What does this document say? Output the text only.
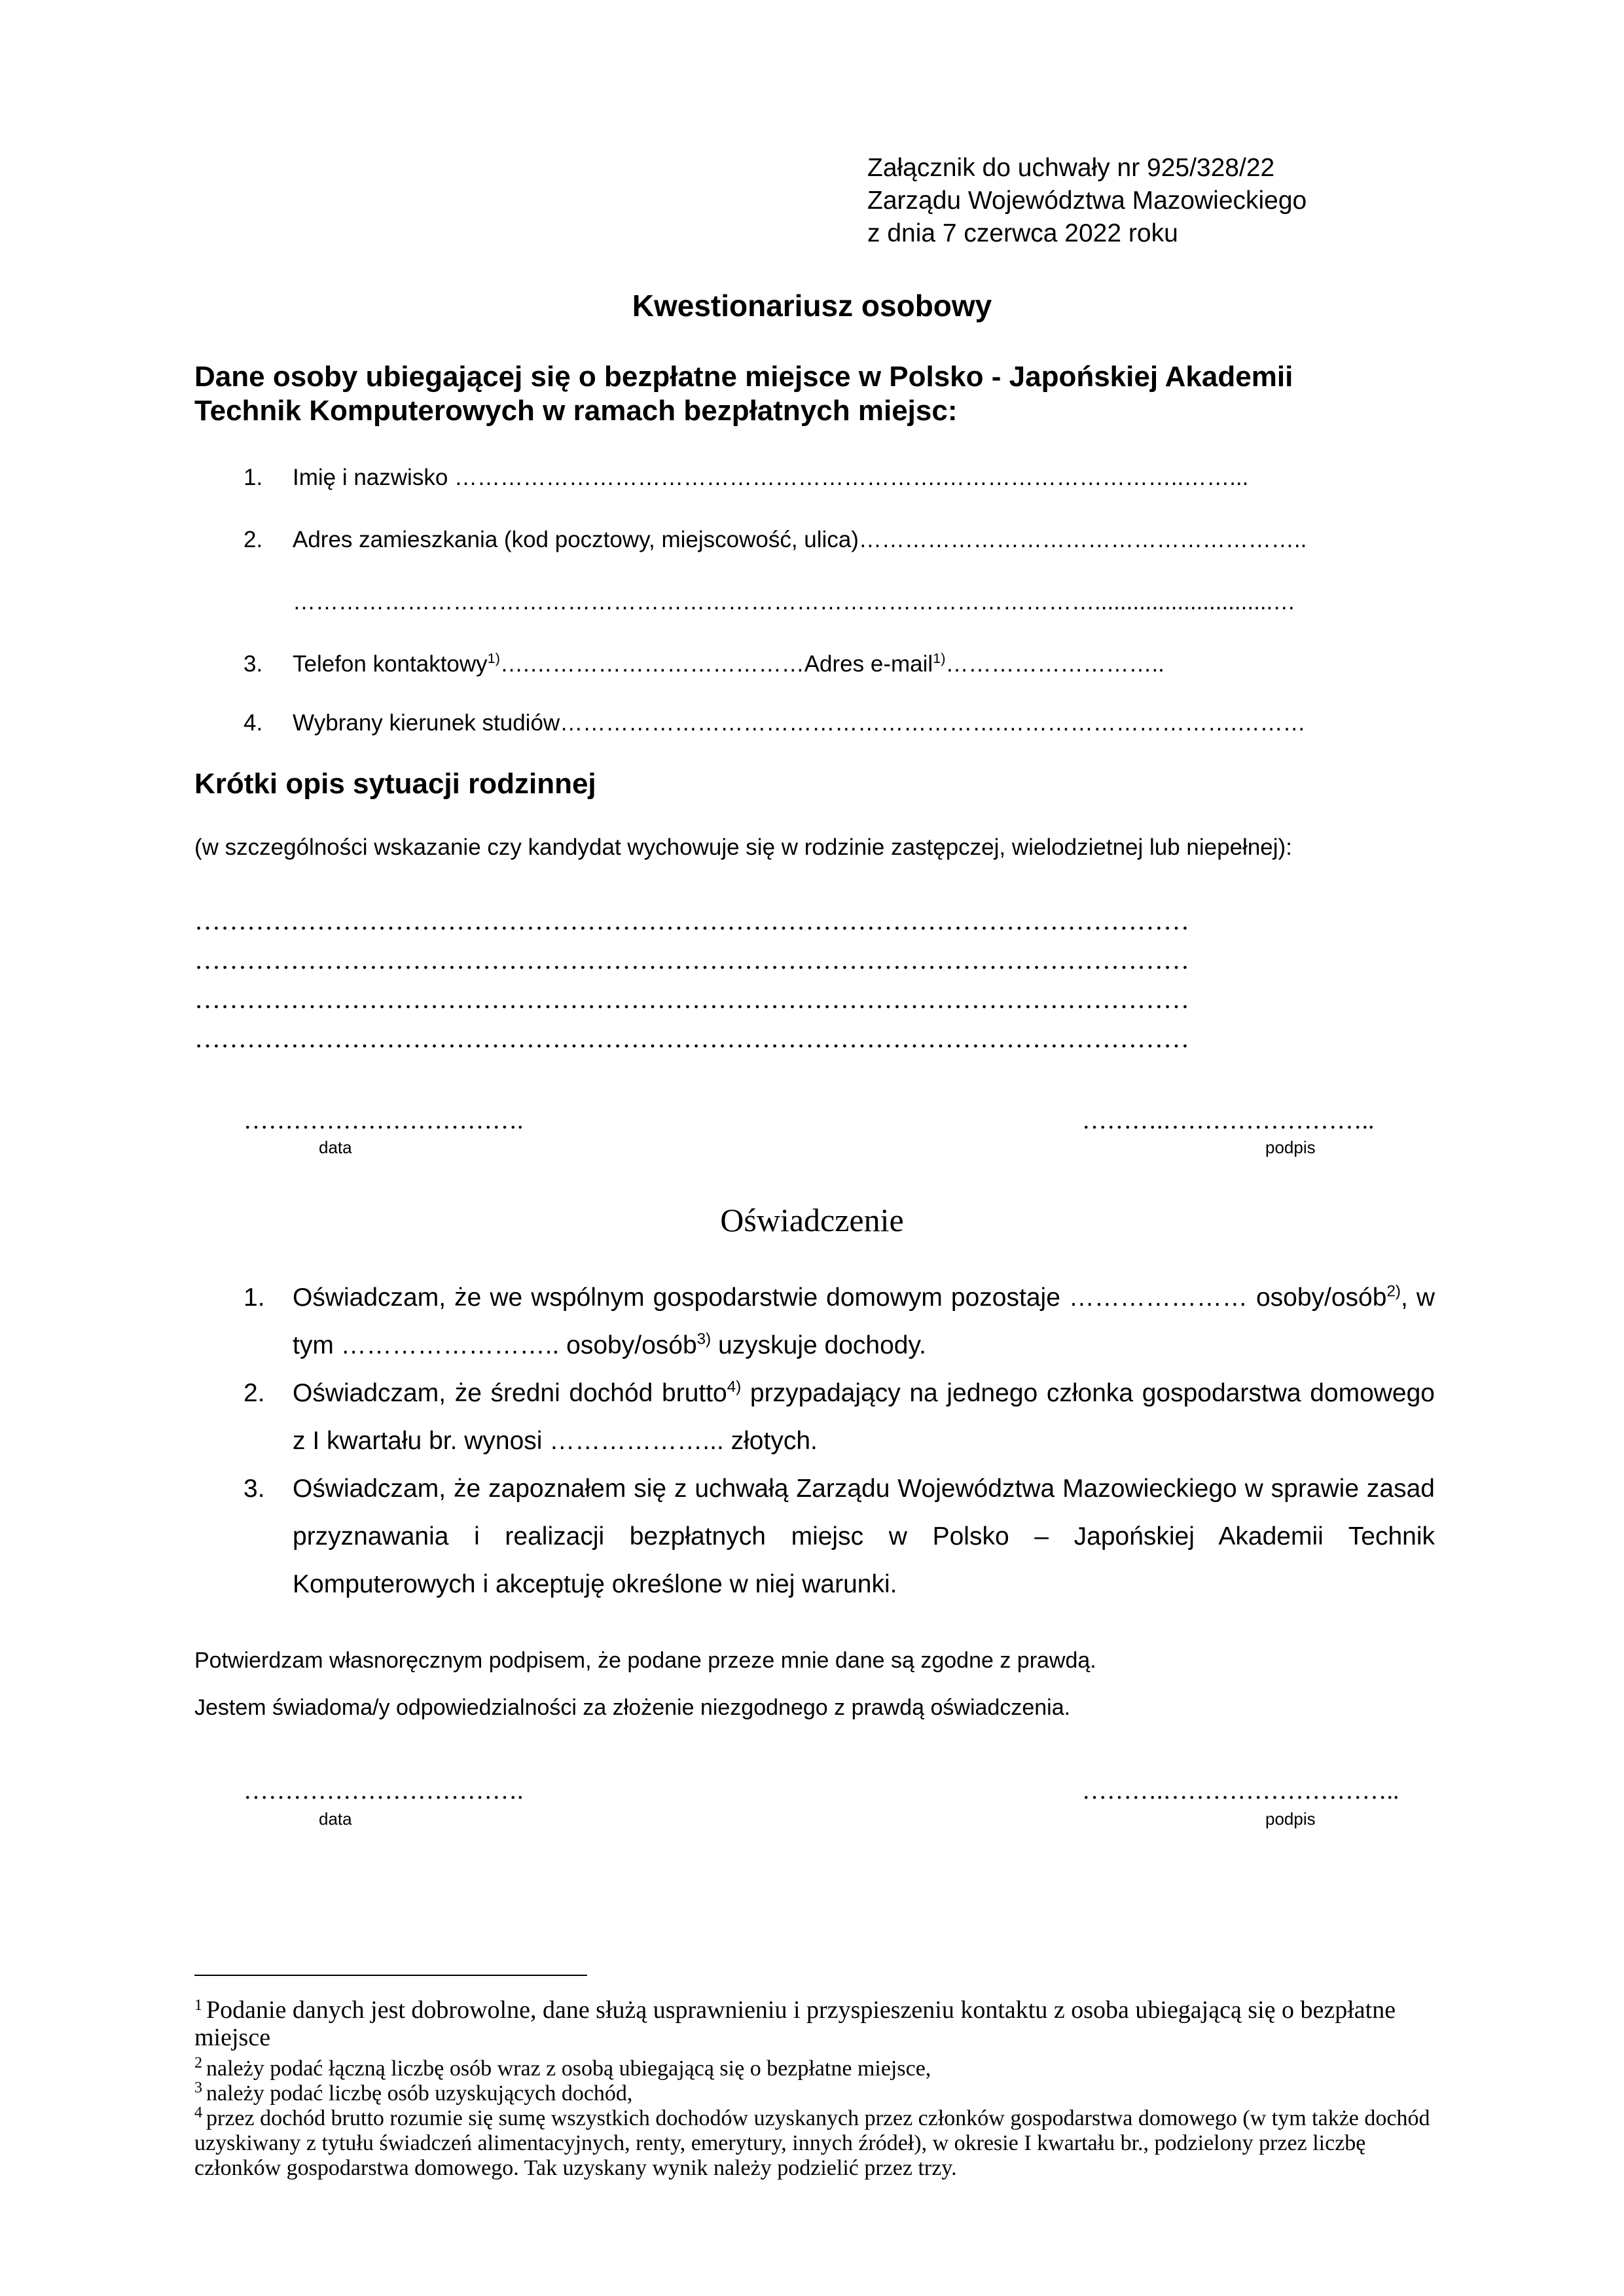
Załącznik do uchwały nr 925/328/22
Zarządu Województwa Mazowieckiego
z dnia 7 czerwca 2022 roku
Kwestionariusz osobowy
Dane osoby ubiegającej się o bezpłatne miejsce w Polsko - Japońskiej Akademii
Technik Komputerowych w ramach bezpłatnych miejsc:
1. Imię i nazwisko ……………………………………………………….…………………………..……...
2. Adres zamieszkania (kod pocztowy, miejscowość, ulica)…………………………………………………..
……………………………………………………………………………………………............................…
3. Telefon kontaktowy$^{1)}$….………………………………Adres e-mail$^{1)}$………………………..
4. Wybrany kierunek studiów………………………………………………….………………………….………
Krótki opis sytuacji rodzinnej
(w szczególności wskazanie czy kandydat wychowuje się w rodzinie zastępczej, wielodzietnej lub niepełnej):
……………………………………………………………………………………………………
……………………………………………………………………………………………………
……………………………………………………………………………………………………
……………………………………………………………………………………………………
…………………………….
data
……….……………………..
podpis
Oświadczenie
1. Oświadczam, że we wspólnym gospodarstwie domowym pozostaje ………………… osoby/osób$^{2)}$, w tym …………………….. osoby/osób$^{3)}$ uzyskuje dochody.
2. Oświadczam, że średni dochód brutto$^{4)}$ przypadający na jednego członka gospodarstwa domowego z I kwartału br. wynosi ………………... złotych.
3. Oświadczam, że zapoznałem się z uchwałą Zarządu Województwa Mazowieckiego w sprawie zasad przyznawania i realizacji bezpłatnych miejsc w Polsko – Japońskiej Akademii Technik Komputerowych i akceptuję określone w niej warunki.
Potwierdzam własnoręcznym podpisem, że podane przeze mnie dane są zgodne z prawdą.
Jestem świadoma/y odpowiedzialności za złożenie niezgodnego z prawdą oświadczenia.
…………………………….
data
……….………………………..
podpis
$^1$ Podanie danych jest dobrowolne, dane służą usprawnieniu i przyspieszeniu kontaktu z osoba ubiegającą się o bezpłatne miejsce
$^2$ należy podać łączną liczbę osób wraz z osobą ubiegającą się o bezpłatne miejsce,
$^3$ należy podać liczbę osób uzyskujących dochód,
$^4$ przez dochód brutto rozumie się sumę wszystkich dochodów uzyskanych przez członków gospodarstwa domowego (w tym także dochód uzyskiwany z tytułu świadczeń alimentacyjnych, renty, emerytury, innych źródeł), w okresie I kwartału br., podzielony przez liczbę członków gospodarstwa domowego. Tak uzyskany wynik należy podzielić przez trzy.
